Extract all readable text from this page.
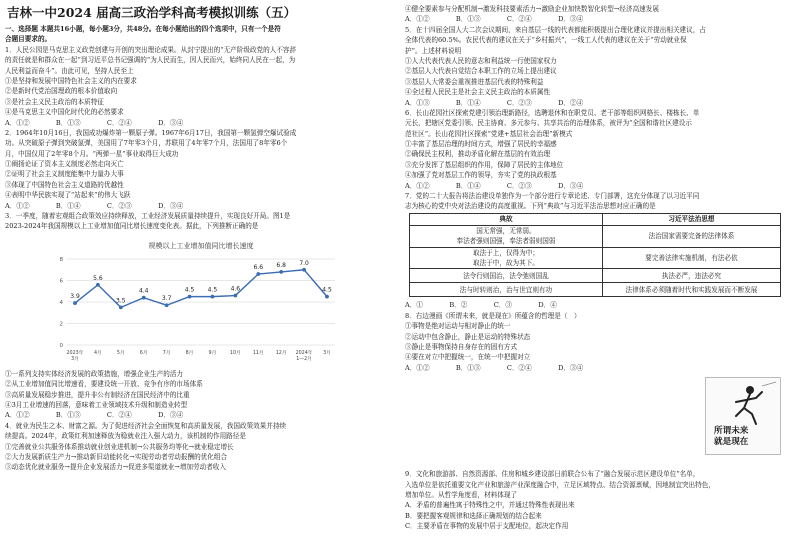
吉林一中2024 届高三政治学科高考模拟训练（五）
一、选择题 本题共16小题，每小题3分，共48分。在每小题给出的四个选项中，只有一个是符
合题目要求的。
1．人民公园是马克思主义政党创建与开创的突出理论成果。从封宁提出的“无产阶级政党的人不容辞
的责任就是和群众在一起”到习近平总书记强调的“为人民而生，因人民而兴，始终同人民在一起，为
人民利益而奋斗”。由此可见，坚持人民至上
①是坚持和发展中国特色社会主义的内在要求
②是新时代党治国理政的根本价值取向
③是社会主义民主政治的本质特征
④是马克思主义中国化时代化的必然要求
A．①②　　　　B．①③　　　　C．②④　　　　D．③④
2．1964年10月16日，我国成功爆炸第一颗原子弹。1967年6月17日，我国第一颗氢弹空爆试验成
功。从突破原子弹到突破氢弹，美国用了7年零3个月，苏联用了4年零7个月，法国用了8年零6个
月，中国仅用了2年零8个月。“两弹一星”事业取得巨大成功
①阐扬论证了资本主义制度必然走向灭亡
②证明了社会主义制度能集中力量办大事
③体现了中国特色社会主义道路的优越性
④表明中华民族实现了“站起来”的伟大飞跃
A．①②　　　　B．①④　　　　C．②③　　　　D．③④
3．一季度，随着宏观组合政策效应持续释放，工业经济发展质量持续提升，实现良好开局。图1是
2023-2024年我国规模以上工业增加值同比增长速度变化表。据此，下列推断正确的是
规模以上工业增加值同比增长速度
0
2
4
6
8
2023年 3月
4月	5月	6月	7月	8月	9月	10月	11月	12月 2024年 1—2月
3月
3.9
5.6
3.5
4.4
3.7
4.5 4.5 4.6
6.6 6.8 7.0
4.5
①一系列支持实体经济发展的政策措施，增强企业生产的活力
②从工业增加值同比增速看，要建设统一开放、竞争有序的市场体系
③高质量发展稳步推进，提升非公有制经济在国民经济中的比重
④3月工业增速的回落，意味着工业领域技术升级和制造业转型
A．①②　　　　B．①③　　　　C．②④　　　　D．③④
4．就业为民生之本、财富之源。为了促进经济社会全面恢复和高质量发展，我国政策效果并持续
续提高。2024年，政策红利加速释放为稳就业注入强大动力，该机制的作用路径是
①完善就业公共服务体系推动就业创业进机制→公共服务均等化→就业稳定增长
②大力发展新质生产力→推动新旧动能转化→实现劳动者劳动报酬的优化组合
③动态优化就业服务→提升企业发展活力→促进多渠道就业→增加劳动者收入
④健全要素参与分配机制→激发科技要素活力→激励企业加快数智化转型→经济高速发展
A．①②　　　　B．①③　　　　C．②④　　　　D．③④
5．在十四届全国人大二次会议期间，来自基层一线的代表都能积极提出合理化建议并提出相关建议，占
全体代表的60.5%。农民代表的建议在关于“乡村振兴”，一线工人代表的建议在关于“劳动就业保
护”。上述材料说明
①人大代表代表人民的意志和利益统一行使国家权力
②基层人大代表自觉结合本职工作的立场上提出建议
③基层人大常委会重视推进基层代表的特殊利益
④全过程人民民主是社会主义民主政治的本质属性
A．①③　　　　B．①④　　　　C．②③　　　　D．②④
6．长山花园社区探索党建引领治理新路径，选聘退休和在职党员、老干部等组织网格长、楼栋长、单
元长，把辖区党委引领、民主协商、多元参与、共享共治的治理体系，被评为“全国和谐社区建设示
范社区”。长山花园社区探索“党建+基层社会治理”新模式
①丰富了基层治理的时间方式，增强了居民的幸福感
②确保民主权利，推动矛盾化解在基层的有效治理
③充分发挥了基层组织的作用，保障了居民的主体地位
④加强了党对基层工作的领导，夯实了党的执政根基
A．①②　　　　B．①④　　　　C．②③　　　　D．③④
7．党的二十大报告将法治建设单独作为一个部分进行专章论述、专门部署，这充分体现了以习近平同
志为核心的党中央对法治建设的高度重视。下列“典故”与习近平法治思想对应正确的是
典故	习近平法治思想

国无常强，无常弱。
奉法者强则国强，奉法者弱则国弱	法治国家需要完备的法律体系

取法于上，仅得为中；
取法于中，故为其下。	要完善法律实施机制，有法必依

法令行则国治，法令弛则国乱	执法必严，违法必究

法与时转则治，治与世宜则有功	法律体系必须随着时代和实践发展而不断发展
A．①　　　　B．②　　　　C．③　　　　D．④
8．右边漫画《所谓未来，就是现在》所蕴含的哲理是（　）
①事物是绝对运动与相对静止的统一
②运动中包含静止，静止是运动的特殊状态
③静止是事物保持自身存在的固有方式
④要在对立中把握统一，在统一中把握对立
A．①②　　　　B．①③　　　　C．②④　　　　D．③④
所谓未来
就是现在
9．文化和旅游部、自然资源部、住房和城乡建设部日前联合公布了“融合发展示范区建设单位”名单，
入选单位是依托重要文化产业和旅游产业深度融合中，立足区域特点、结合资源禀赋，因地制宜突出特色，
增加单位。从哲学角度看，材料体现了
A．矛盾的普遍性寓于特殊性之中，并通过特殊性表现出来
B．要把握客观规律和选择正确规划的结合起来
C．主要矛盾在事物的发展中居于支配地位，起决定作用
